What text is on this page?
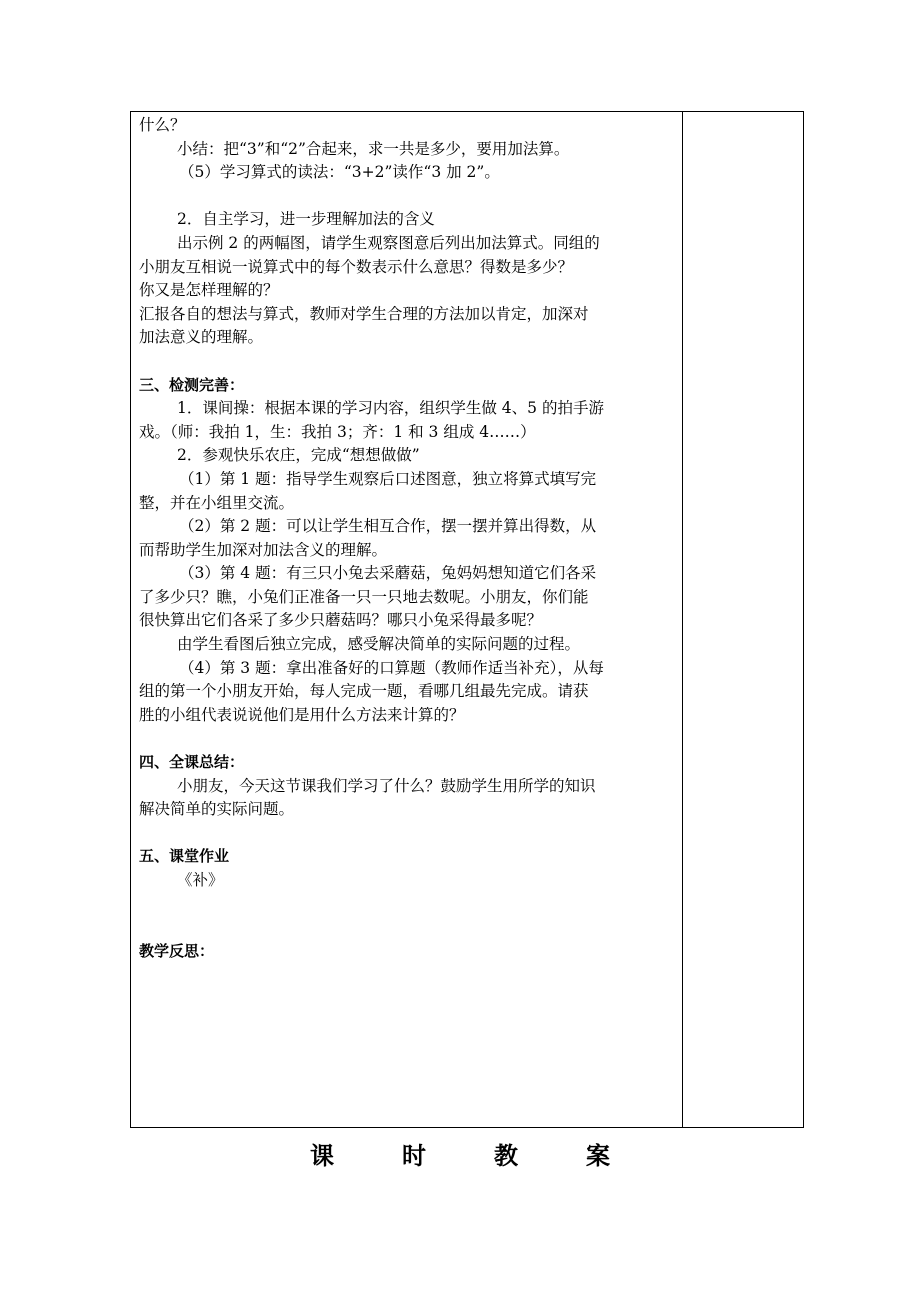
什么？
小结：把“3”和“2”合起来，求一共是多少，要用加法算。
（5）学习算式的读法：“3+2”读作“3 加 2”。
2．自主学习，进一步理解加法的含义
出示例 2 的两幅图，请学生观察图意后列出加法算式。同组的
小朋友互相说一说算式中的每个数表示什么意思？得数是多少？
你又是怎样理解的？
汇报各自的想法与算式，教师对学生合理的方法加以肯定，加深对
加法意义的理解。
三、检测完善：
1．课间操：根据本课的学习内容，组织学生做 4、5 的拍手游
戏。（师：我拍 1，生：我拍 3；齐：1 和 3 组成 4……）
2．参观快乐农庄，完成“想想做做”
（1）第 1 题：指导学生观察后口述图意，独立将算式填写完
整，并在小组里交流。
（2）第 2 题：可以让学生相互合作，摆一摆并算出得数，从
而帮助学生加深对加法含义的理解。
（3）第 4 题：有三只小兔去采蘑菇，兔妈妈想知道它们各采
了多少只？瞧，小兔们正准备一只一只地去数呢。小朋友，你们能
很快算出它们各采了多少只蘑菇吗？哪只小兔采得最多呢？
由学生看图后独立完成，感受解决简单的实际问题的过程。
（4）第 3 题：拿出准备好的口算题（教师作适当补充），从每
组的第一个小朋友开始，每人完成一题，看哪几组最先完成。请获
胜的小组代表说说他们是用什么方法来计算的？
四、全课总结：
小朋友，今天这节课我们学习了什么？鼓励学生用所学的知识
解决简单的实际问题。
五、课堂作业
《补》
教学反思：
课 时 教 案
